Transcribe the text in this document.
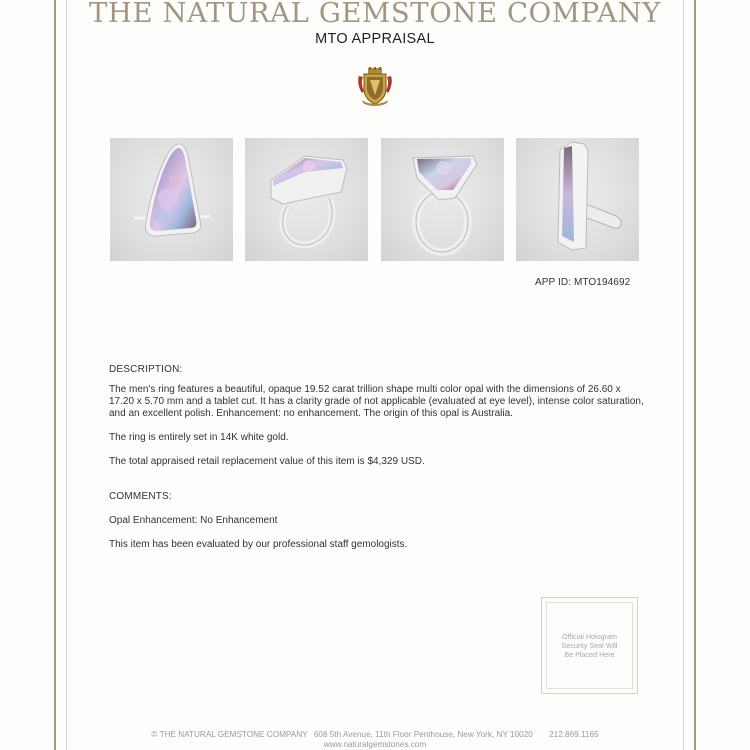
THE NATURAL GEMSTONE COMPANY
MTO APPRAISAL
APP ID: MTO194692
DESCRIPTION:
The men's ring features a beautiful, opaque 19.52 carat trillion shape multi color opal with the dimensions of 26.60 x 17.20 x 5.70 mm and a tablet cut. It has a clarity grade of not applicable (evaluated at eye level), intense color saturation, and an excellent polish. Enhancement: no enhancement. The origin of this opal is Australia.
The ring is entirely set in 14K white gold.
The total appraised retail replacement value of this item is $4,329 USD.
COMMENTS:
Opal Enhancement: No Enhancement
This item has been evaluated by our professional staff gemologists.
Official Hologram
Security Seal Will
Be Placed Here
© THE NATURAL GEMSTONE COMPANY 608 5th Avenue, 11th Floor Penthouse, New York, NY 10020 212.869.1165
www.naturalgemstones.com
